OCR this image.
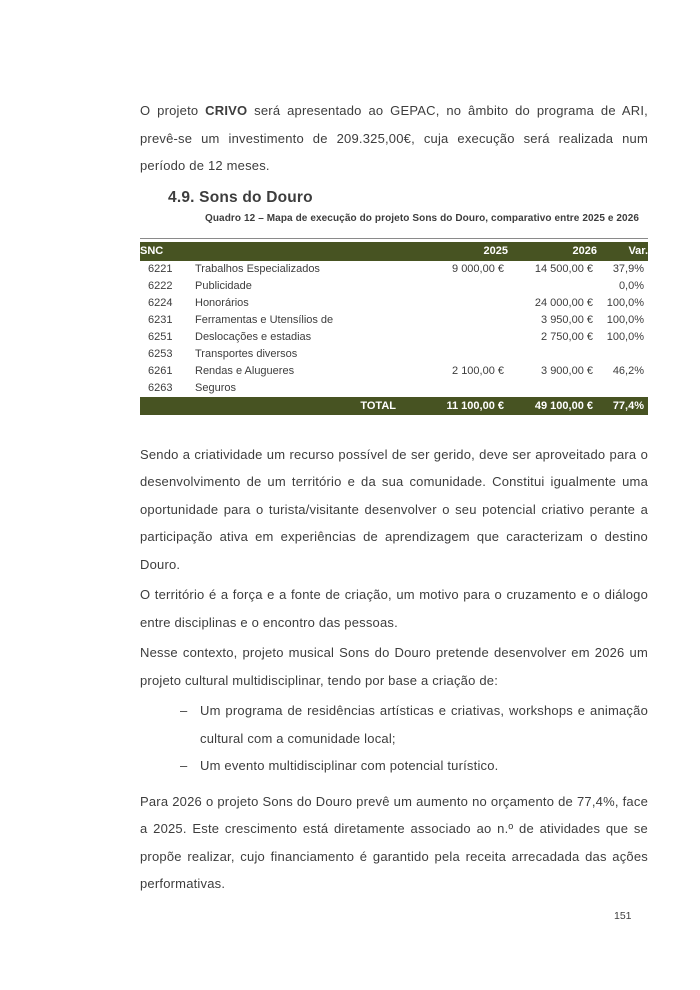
O projeto CRIVO será apresentado ao GEPAC, no âmbito do programa de ARI, prevê-se um investimento de 209.325,00€, cuja execução será realizada num período de 12 meses.

4.9. Sons do Douro

Quadro 12 – Mapa de execução do projeto Sons do Douro, comparativo entre 2025 e 2026

SNC		2025	2026	Var.
6221	Trabalhos Especializados	9 000,00 €	14 500,00 €	37,9%
6222	Publicidade			0,0%
6224	Honorários		24 000,00 €	100,0%
6231	Ferramentas e Utensílios de		3 950,00 €	100,0%
6251	Deslocações e estadias		2 750,00 €	100,0%
6253	Transportes diversos			
6261	Rendas e Alugueres	2 100,00 €	3 900,00 €	46,2%
6263	Seguros			
TOTAL		11 100,00 €	49 100,00 €	77,4%

Sendo a criatividade um recurso possível de ser gerido, deve ser aproveitado para o desenvolvimento de um território e da sua comunidade. Constitui igualmente uma oportunidade para o turista/visitante desenvolver o seu potencial criativo perante a participação ativa em experiências de aprendizagem que caracterizam o destino Douro.

O território é a força e a fonte de criação, um motivo para o cruzamento e o diálogo entre disciplinas e o encontro das pessoas.

Nesse contexto, projeto musical Sons do Douro pretende desenvolver em 2026 um projeto cultural multidisciplinar, tendo por base a criação de:

– Um programa de residências artísticas e criativas, workshops e animação cultural com a comunidade local;
– Um evento multidisciplinar com potencial turístico.

Para 2026 o projeto Sons do Douro prevê um aumento no orçamento de 77,4%, face a 2025. Este crescimento está diretamente associado ao n.º de atividades que se propõe realizar, cujo financiamento é garantido pela receita arrecadada das ações performativas.

151
